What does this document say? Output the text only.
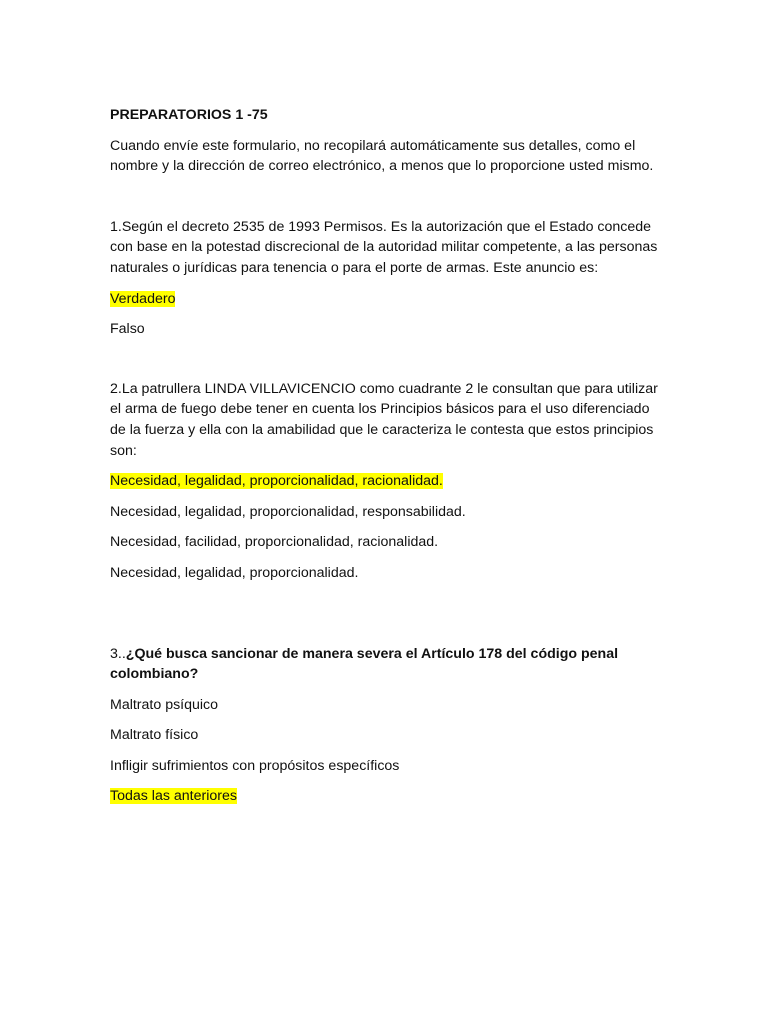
PREPARATORIOS 1 -75

Cuando envíe este formulario, no recopilará automáticamente sus detalles, como el nombre y la dirección de correo electrónico, a menos que lo proporcione usted mismo.

1.Según el decreto 2535 de 1993 Permisos. Es la autorización que el Estado concede con base en la potestad discrecional de la autoridad militar competente, a las personas naturales o jurídicas para tenencia o para el porte de armas. Este anuncio es:

Verdadero

Falso

2.La patrullera LINDA VILLAVICENCIO como cuadrante 2 le consultan que para utilizar el arma de fuego debe tener en cuenta los Principios básicos para el uso diferenciado de la fuerza y ella con la amabilidad que le caracteriza le contesta que estos principios son:

Necesidad, legalidad, proporcionalidad, racionalidad.

Necesidad, legalidad, proporcionalidad, responsabilidad.

Necesidad, facilidad, proporcionalidad, racionalidad.

Necesidad, legalidad, proporcionalidad.

3..¿Qué busca sancionar de manera severa el Artículo 178 del código penal colombiano?

Maltrato psíquico

Maltrato físico

Infligir sufrimientos con propósitos específicos

Todas las anteriores
